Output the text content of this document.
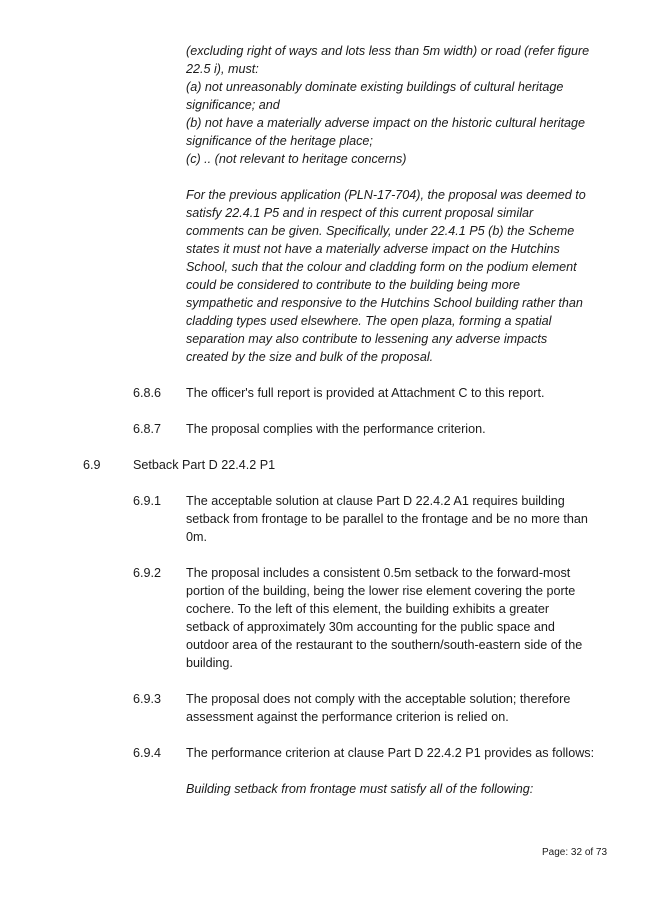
(excluding right of ways and lots less than 5m width) or road (refer figure
22.5 i), must:
(a) not unreasonably dominate existing buildings of cultural heritage
significance; and
(b) not have a materially adverse impact on the historic cultural heritage
significance of the heritage place;
(c) .. (not relevant to heritage concerns)
For the previous application (PLN-17-704), the proposal was deemed to
satisfy 22.4.1 P5 and in respect of this current proposal similar
comments can be given. Specifically, under 22.4.1 P5 (b) the Scheme
states it must not have a materially adverse impact on the Hutchins
School, such that the colour and cladding form on the podium element
could be considered to contribute to the building being more
sympathetic and responsive to the Hutchins School building rather than
cladding types used elsewhere. The open plaza, forming a spatial
separation may also contribute to lessening any adverse impacts
created by the size and bulk of the proposal.
6.8.6 The officer's full report is provided at Attachment C to this report.
6.8.7 The proposal complies with the performance criterion.
6.9	Setback Part D 22.4.2 P1
6.9.1 The acceptable solution at clause Part D 22.4.2 A1 requires building
setback from frontage to be parallel to the frontage and be no more than
0m.
6.9.2 The proposal includes a consistent 0.5m setback to the forward-most
portion of the building, being the lower rise element covering the porte
cochere. To the left of this element, the building exhibits a greater
setback of approximately 30m accounting for the public space and
outdoor area of the restaurant to the southern/south-eastern side of the
building.
6.9.3 The proposal does not comply with the acceptable solution; therefore
assessment against the performance criterion is relied on.
6.9.4 The performance criterion at clause Part D 22.4.2 P1 provides as follows:
Building setback from frontage must satisfy all of the following:
Page: 32 of 73
